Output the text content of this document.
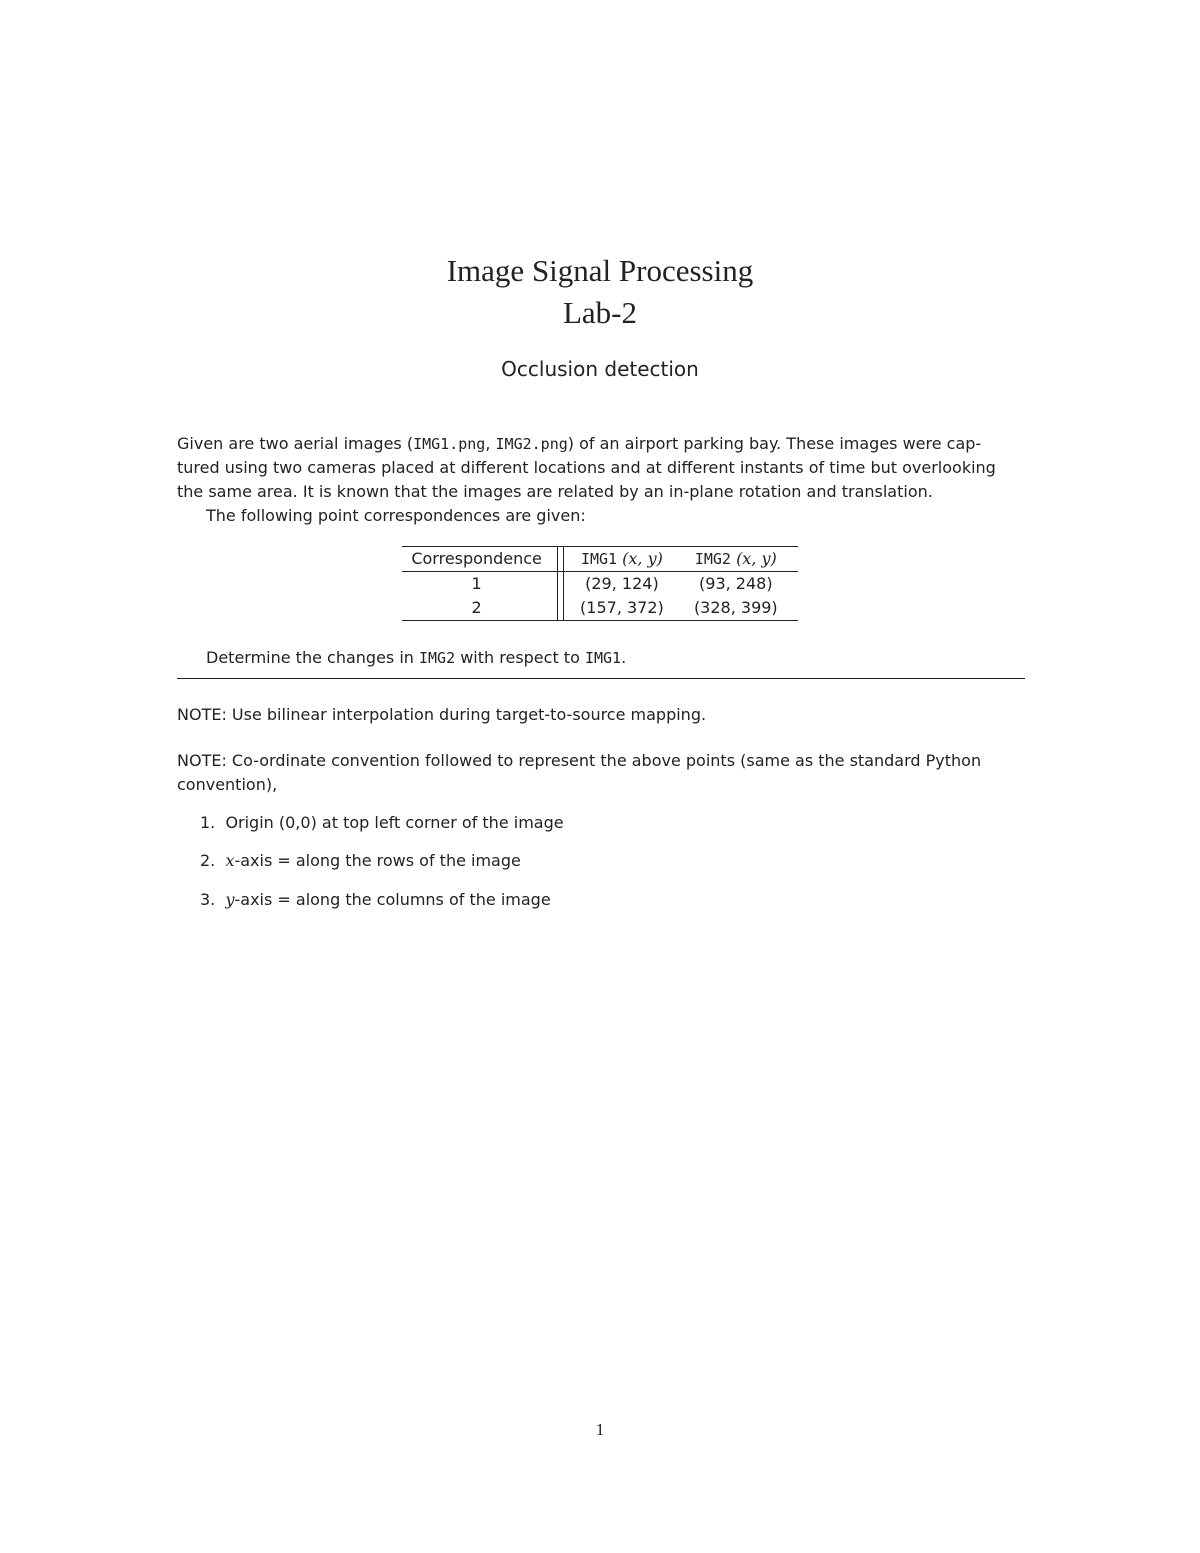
Image Signal Processing
Lab-2
Occlusion detection
Given are two aerial images (IMG1.png, IMG2.png) of an airport parking bay. These images were cap-
tured using two cameras placed at different locations and at different instants of time but overlooking
the same area. It is known that the images are related by an in-plane rotation and translation.
The following point correspondences are given:
Correspondence	IMG1 (x, y)	IMG2 (x, y)
1	(29, 124)	(93, 248)
2	(157, 372)	(328, 399)
Determine the changes in IMG2 with respect to IMG1.
NOTE: Use bilinear interpolation during target-to-source mapping.
NOTE: Co-ordinate convention followed to represent the above points (same as the standard Python
convention),
1. Origin (0,0) at top left corner of the image
2. x-axis = along the rows of the image
3. y-axis = along the columns of the image
1
